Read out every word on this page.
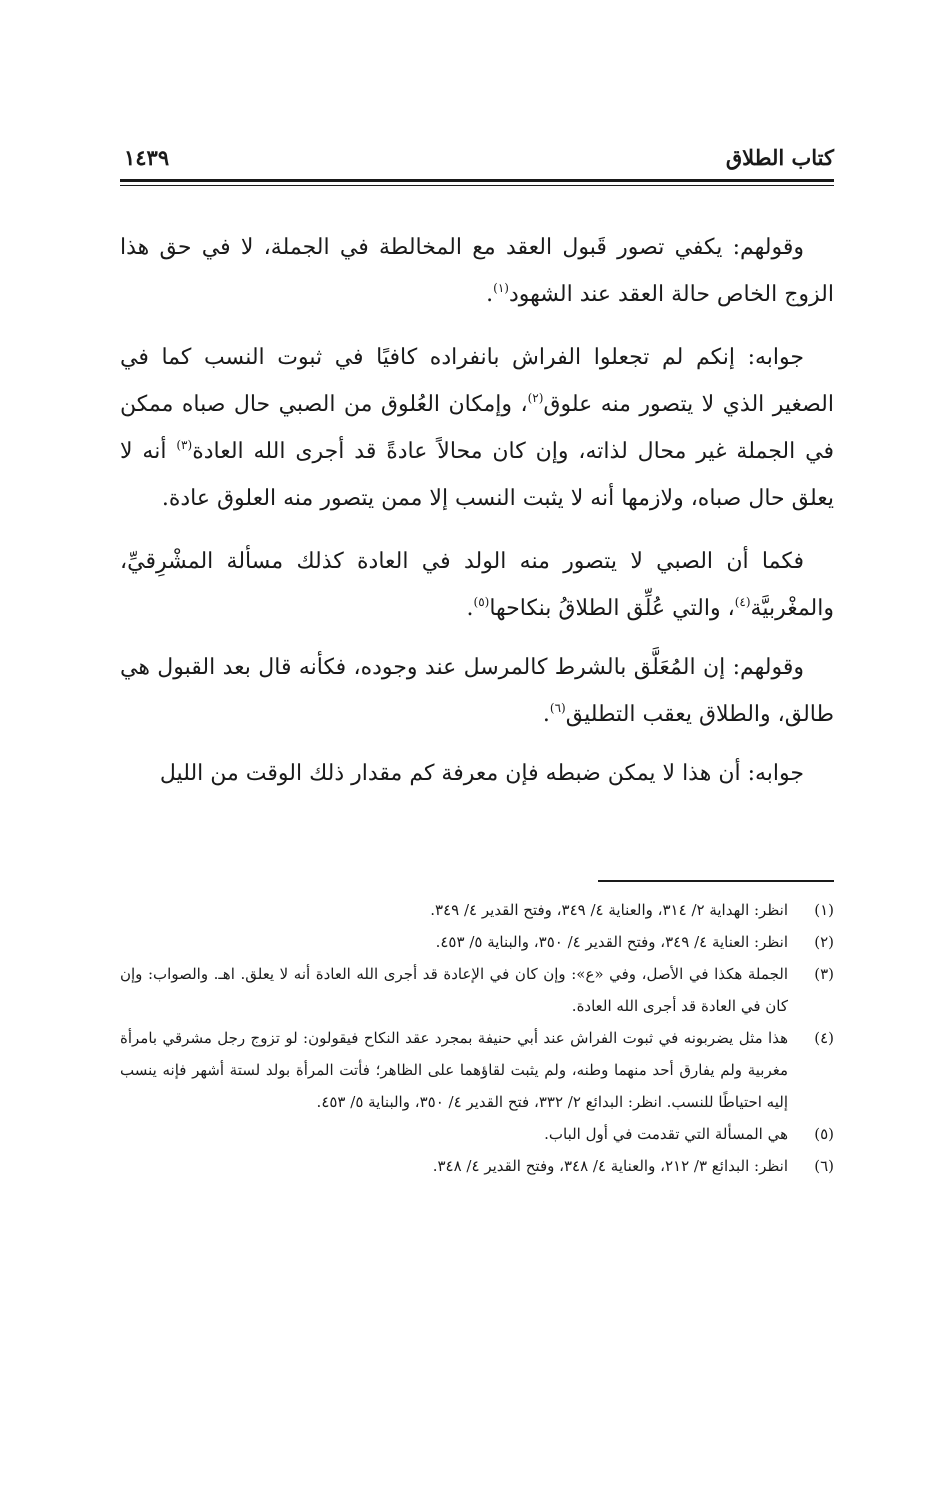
كتاب الطلاق
١٤٣٩

وقولهم: يكفي تصور قَبول العقد مع المخالطة في الجملة، لا في حق هذا الزوج الخاص حالة العقد عند الشهود$^{(١)}$.

جوابه: إنكم لم تجعلوا الفراش بانفراده كافيًا في ثبوت النسب كما في الصغير الذي لا يتصور منه علوق$^{(٢)}$، وإمكان العُلوق من الصبي حال صباه ممكن في الجملة غير محال لذاته، وإن كان محالاً عادةً قد أجرى الله العادة$^{(٣)}$ أنه لا يعلق حال صباه، ولازمها أنه لا يثبت النسب إلا ممن يتصور منه العلوق عادة.

فكما أن الصبي لا يتصور منه الولد في العادة كذلك مسألة المشْرِقيِّ، والمغْربيَّة$^{(٤)}$، والتي عُلِّق الطلاقُ بنكاحها$^{(٥)}$.

وقولهم: إن المُعَلَّق بالشرط كالمرسل عند وجوده، فكأنه قال بعد القبول هي طالق، والطلاق يعقب التطليق$^{(٦)}$.

جوابه: أن هذا لا يمكن ضبطه فإن معرفة كم مقدار ذلك الوقت من الليل

(١)
انظر: الهداية ٢/ ٣١٤، والعناية ٤/ ٣٤٩، وفتح القدير ٤/ ٣٤٩.
(٢)
انظر: العناية ٤/ ٣٤٩، وفتح القدير ٤/ ٣٥٠، والبناية ٥/ ٤٥٣.
(٣)
الجملة هكذا في الأصل، وفي «ع»: وإن كان في الإعادة قد أجرى الله العادة أنه لا يعلق. اهـ. والصواب: وإن كان في العادة قد أجرى الله العادة.
(٤)
هذا مثل يضربونه في ثبوت الفراش عند أبي حنيفة بمجرد عقد النكاح فيقولون: لو تزوج رجل مشرقي بامرأة مغربية ولم يفارق أحد منهما وطنه، ولم يثبت لقاؤهما على الظاهر؛ فأتت المرأة بولد لستة أشهر فإنه ينسب إليه احتياطًا للنسب. انظر: البدائع ٢/ ٣٣٢، فتح القدير ٤/ ٣٥٠، والبناية ٥/ ٤٥٣.
(٥)
هي المسألة التي تقدمت في أول الباب.
(٦)
انظر: البدائع ٣/ ٢١٢، والعناية ٤/ ٣٤٨، وفتح القدير ٤/ ٣٤٨.
